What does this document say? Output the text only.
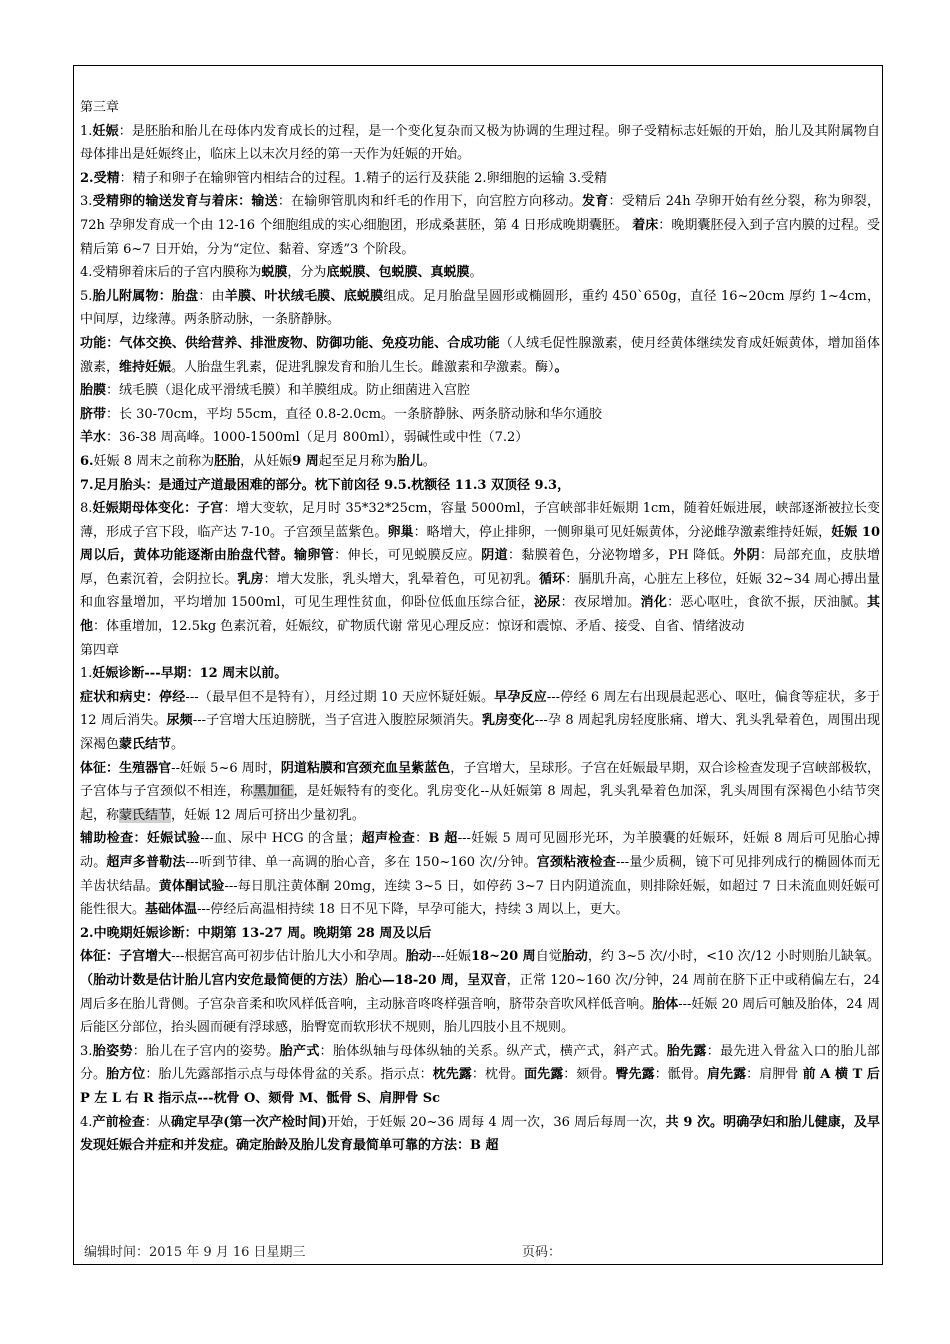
第三章

1.妊娠：是胚胎和胎儿在母体内发育成长的过程，是一个变化复杂而又极为协调的生理过程。卵子受精标志妊娠的开始，胎儿及其附属物自母体排出是妊娠终止，临床上以末次月经的第一天作为妊娠的开始。

2.受精：精子和卵子在输卵管内相结合的过程。1.精子的运行及获能 2.卵细胞的运输 3.受精

3.受精卵的输送发育与着床：输送：在输卵管肌肉和纤毛的作用下，向宫腔方向移动。发育：受精后 24h 孕卵开始有丝分裂，称为卵裂，72h 孕卵发育成一个由 12-16 个细胞组成的实心细胞团，形成桑葚胚，第 4 日形成晚期囊胚。 着床：晚期囊胚侵入到子宫内膜的过程。受精后第 6~7 日开始，分为“定位、黏着、穿透”3 个阶段。

4.受精卵着床后的子宫内膜称为蜕膜，分为底蜕膜、包蜕膜、真蜕膜。

5.胎儿附属物：胎盘：由羊膜、叶状绒毛膜、底蜕膜组成。足月胎盘呈圆形或椭圆形，重约 450`650g，直径 16~20cm 厚约 1~4cm，中间厚，边缘薄。两条脐动脉，一条脐静脉。

功能：气体交换、供给营养、排泄废物、防御功能、免疫功能、合成功能（人绒毛促性腺激素，使月经黄体继续发育成妊娠黄体，增加甾体激素，维持妊娠。人胎盘生乳素，促进乳腺发育和胎儿生长。雌激素和孕激素。酶）。

胎膜：绒毛膜（退化成平滑绒毛膜）和羊膜组成。防止细菌进入宫腔

脐带：长 30-70cm，平均 55cm，直径 0.8-2.0cm。一条脐静脉、两条脐动脉和华尔通胶

羊水：36-38 周高峰。1000-1500ml（足月 800ml），弱碱性或中性（7.2）

6.妊娠 8 周末之前称为胚胎，从妊娠9 周起至足月称为胎儿。

7.足月胎头：是通过产道最困难的部分。枕下前囟径 9.5.枕额径 11.3 双顶径 9.3，

8.妊娠期母体变化：子宫：增大变软，足月时 35*32*25cm，容量 5000ml，子宫峡部非妊娠期 1cm，随着妊娠进展，峡部逐渐被拉长变薄，形成子宫下段，临产达 7-10。子宫颈呈蓝紫色。卵巢：略增大，停止排卵，一侧卵巢可见妊娠黄体，分泌雌孕激素维持妊娠，妊娠 10 周以后，黄体功能逐渐由胎盘代替。输卵管：伸长，可见蜕膜反应。阴道：黏膜着色，分泌物增多，PH 降低。外阴：局部充血，皮肤增厚，色素沉着，会阴拉长。乳房：增大发胀，乳头增大，乳晕着色，可见初乳。循环：膈肌升高，心脏左上移位，妊娠 32~34 周心搏出量和血容量增加，平均增加 1500ml，可见生理性贫血，仰卧位低血压综合征，泌尿：夜尿增加。消化：恶心呕吐，食欲不振，厌油腻。其他：体重增加，12.5kg 色素沉着，妊娠纹，矿物质代谢 常见心理反应：惊讶和震惊、矛盾、接受、自省、情绪波动

第四章

1.妊娠诊断---早期：12 周末以前。

症状和病史：停经---（最早但不是特有），月经过期 10 天应怀疑妊娠。早孕反应---停经 6 周左右出现晨起恶心、呕吐，偏食等症状，多于 12 周后消失。尿频---子宫增大压迫膀胱，当子宫进入腹腔尿频消失。乳房变化---孕 8 周起乳房轻度胀痛、增大、乳头乳晕着色，周围出现深褐色蒙氏结节。

体征：生殖器官--妊娠 5~6 周时，阴道粘膜和宫颈充血呈紫蓝色，子宫增大，呈球形。子宫在妊娠最早期，双合诊检查发现子宫峡部极软，子宫体与子宫颈似不相连，称黑加征，是妊娠特有的变化。乳房变化--从妊娠第 8 周起，乳头乳晕着色加深，乳头周围有深褐色小结节突起，称蒙氏结节，妊娠 12 周后可挤出少量初乳。

辅助检查：妊娠试验---血、尿中 HCG 的含量；超声检查：B 超---妊娠 5 周可见圆形光环，为羊膜囊的妊娠环，妊娠 8 周后可见胎心搏动。超声多普勒法---听到节律、单一高调的胎心音，多在 150~160 次/分钟。宫颈粘液检查---量少质稠，镜下可见排列成行的椭圆体而无羊齿状结晶。黄体酮试验---每日肌注黄体酮 20mg，连续 3~5 日，如停药 3~7 日内阴道流血，则排除妊娠，如超过 7 日未流血则妊娠可能性很大。基础体温---停经后高温相持续 18 日不见下降，早孕可能大，持续 3 周以上，更大。

2.中晚期妊娠诊断：中期第 13-27 周。晚期第 28 周及以后

体征：子宫增大---根据宫高可初步估计胎儿大小和孕周。胎动---妊娠18~20 周自觉胎动，约 3~5 次/小时，<10 次/12 小时则胎儿缺氧。（胎动计数是估计胎儿宫内安危最简便的方法）胎心—18-20 周，呈双音，正常 120~160 次/分钟，24 周前在脐下正中或稍偏左右，24 周后多在胎儿背侧。子宫杂音柔和吹风样低音响，主动脉音咚咚样强音响，脐带杂音吹风样低音响。胎体---妊娠 20 周后可触及胎体，24 周后能区分部位，抬头圆而硬有浮球感，胎臀宽而软形状不规则，胎儿四肢小且不规则。

3.胎姿势：胎儿在子宫内的姿势。胎产式：胎体纵轴与母体纵轴的关系。纵产式，横产式，斜产式。胎先露：最先进入骨盆入口的胎儿部分。胎方位：胎儿先露部指示点与母体骨盆的关系。指示点：枕先露：枕骨。面先露：颏骨。臀先露：骶骨。肩先露：肩胛骨 前 A 横 T 后 P 左 L 右 R 指示点---枕骨 O、颏骨 M、骶骨 S、肩胛骨 Sc

4.产前检查：从确定早孕(第一次产检时间)开始，于妊娠 20~36 周每 4 周一次，36 周后每周一次，共 9 次。明确孕妇和胎儿健康，及早发现妊娠合并症和并发症。确定胎龄及胎儿发育最简单可靠的方法：B 超

编辑时间：2015 年 9 月 16 日星期三	页码：
